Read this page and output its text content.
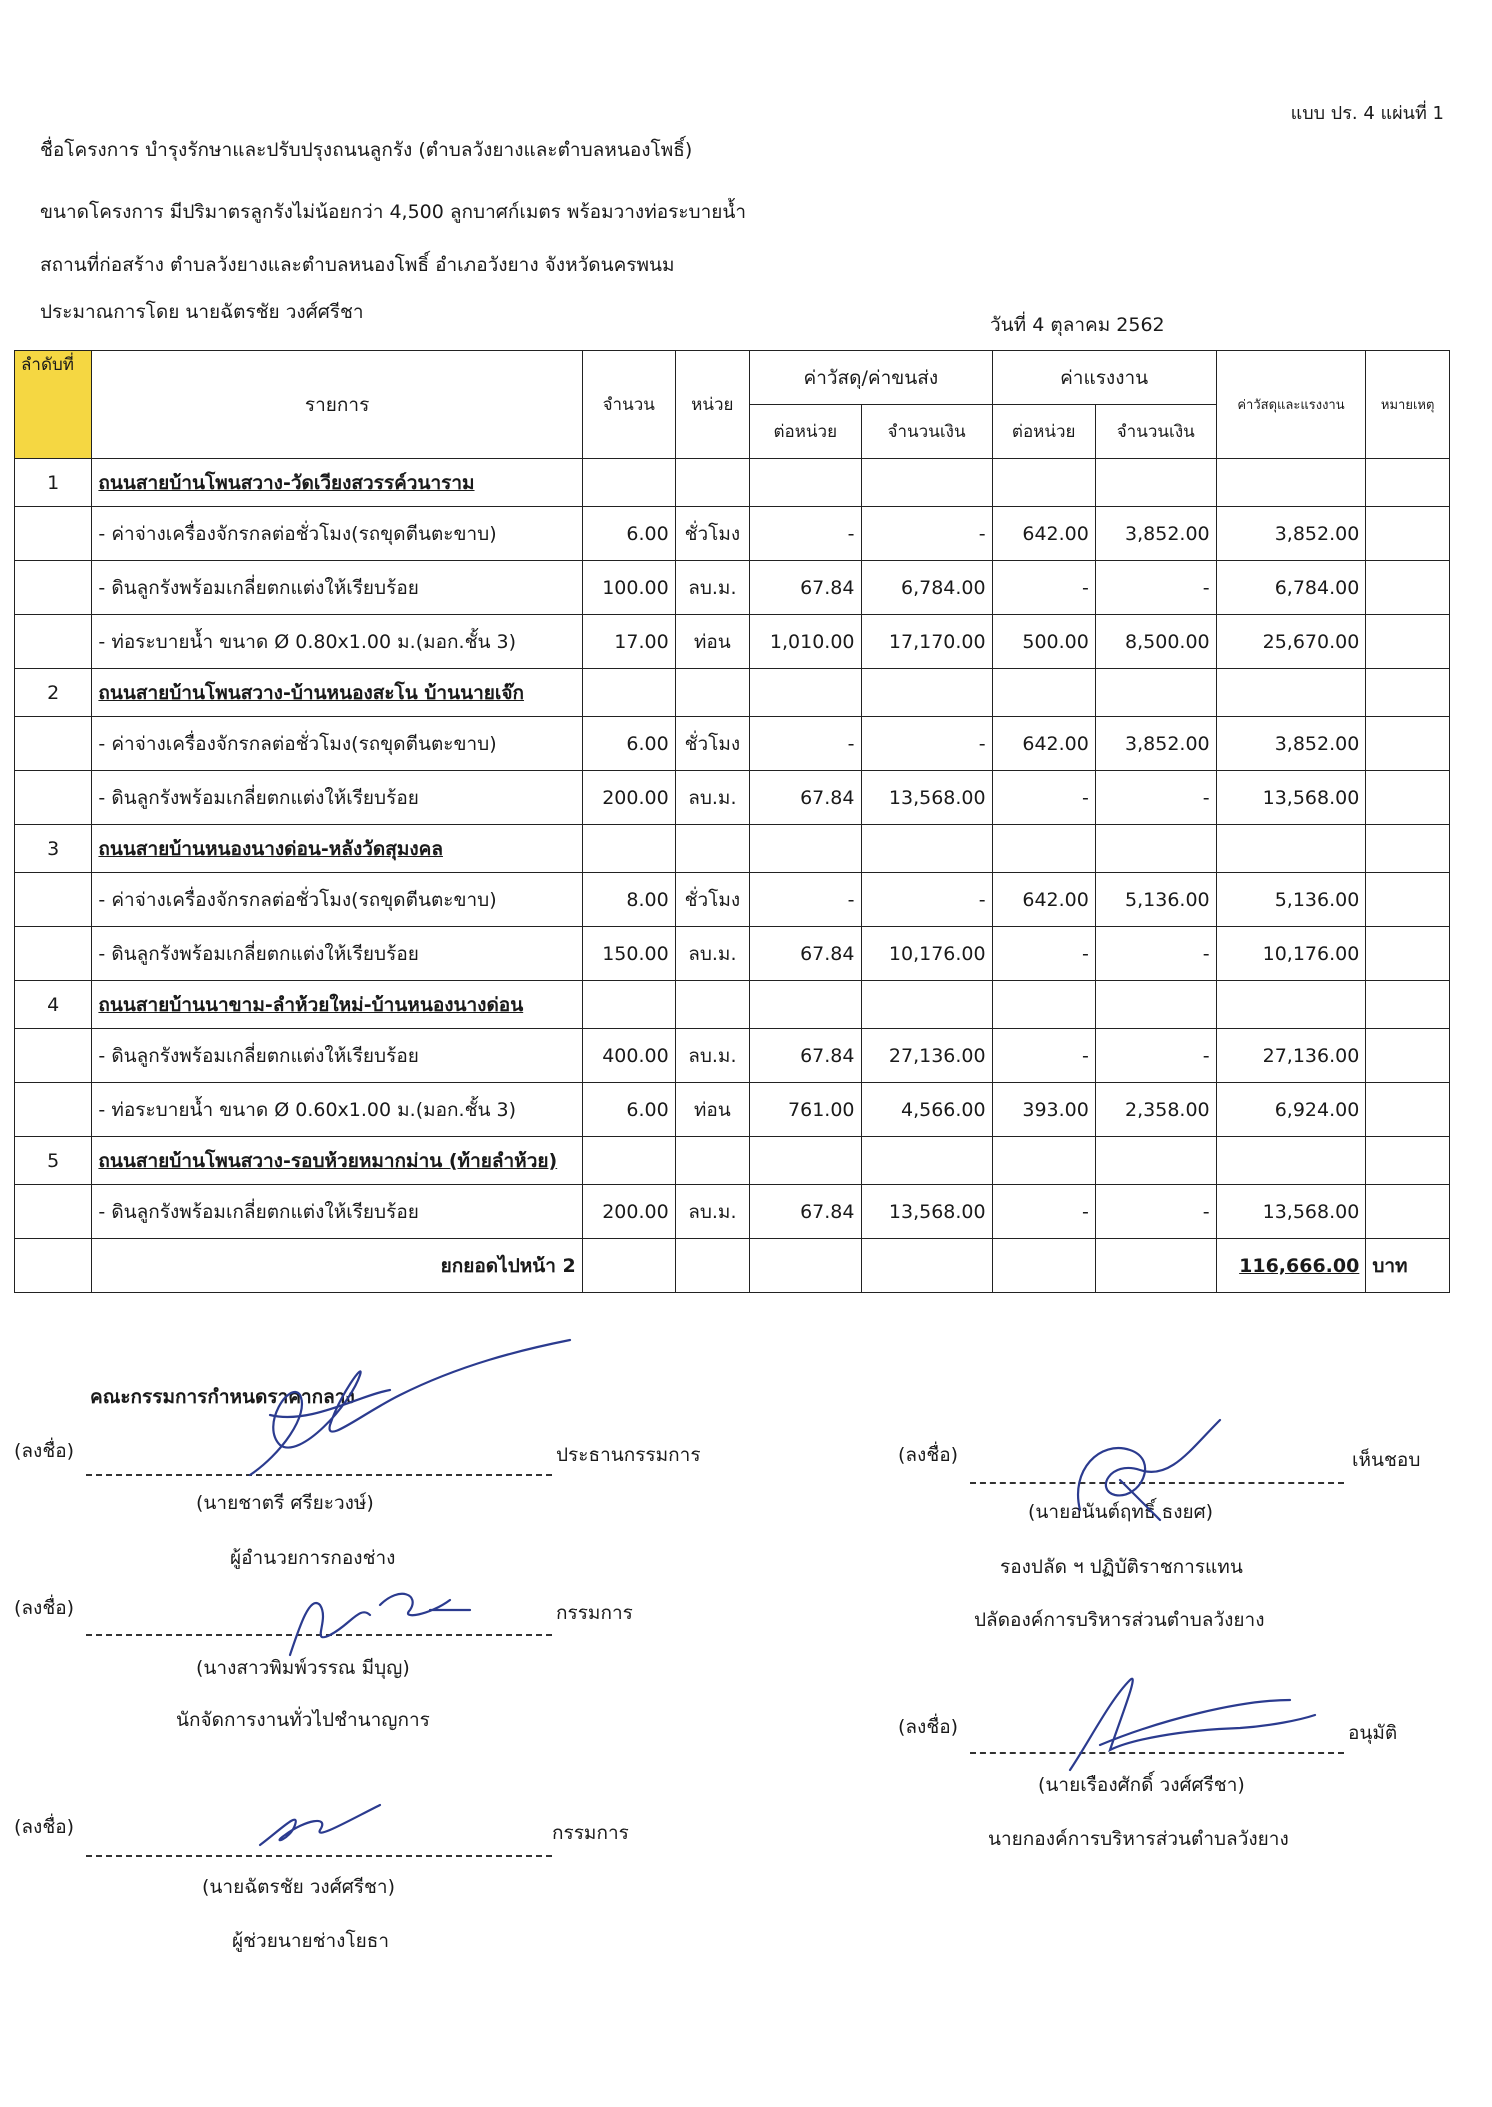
แบบ ปร. 4 แผ่นที่ 1
ชื่อโครงการ บำรุงรักษาและปรับปรุงถนนลูกรัง (ตำบลวังยางและตำบลหนองโพธิ์)
ขนาดโครงการ มีปริมาตรลูกรังไม่น้อยกว่า 4,500 ลูกบาศก์เมตร พร้อมวางท่อระบายน้ำ
สถานที่ก่อสร้าง ตำบลวังยางและตำบลหนองโพธิ์ อำเภอวังยาง จังหวัดนครพนม
ประมาณการโดย นายฉัตรชัย วงศ์ศรีชา
วันที่ 4 ตุลาคม 2562
ลำดับที่	รายการ	จำนวน	หน่วย	ค่าวัสดุ/ค่าขนส่ง		ค่าแรงงาน		ค่าวัสดุและแรงงาน	หมายเหตุ
				ต่อหน่วย	จำนวนเงิน	ต่อหน่วย	จำนวนเงิน		
1	ถนนสายบ้านโพนสวาง-วัดเวียงสวรรค์วนาราม								
	- ค่าจ่างเครื่องจักรกลต่อชั่วโมง(รถขุดตีนตะขาบ)	6.00	ชั่วโมง	-	-	642.00	3,852.00	3,852.00	
	- ดินลูกรังพร้อมเกลี่ยตกแต่งให้เรียบร้อย	100.00	ลบ.ม.	67.84	6,784.00	-	-	6,784.00	
	- ท่อระบายน้ำ ขนาด Ø 0.80x1.00 ม.(มอก.ชั้น 3)	17.00	ท่อน	1,010.00	17,170.00	500.00	8,500.00	25,670.00	
2	ถนนสายบ้านโพนสวาง-บ้านหนองสะโน บ้านนายเจ๊ก								
	- ค่าจ่างเครื่องจักรกลต่อชั่วโมง(รถขุดตีนตะขาบ)	6.00	ชั่วโมง	-	-	642.00	3,852.00	3,852.00	
	- ดินลูกรังพร้อมเกลี่ยตกแต่งให้เรียบร้อย	200.00	ลบ.ม.	67.84	13,568.00	-	-	13,568.00	
3	ถนนสายบ้านหนองนางด่อน-หลังวัดสุมงคล								
	- ค่าจ่างเครื่องจักรกลต่อชั่วโมง(รถขุดตีนตะขาบ)	8.00	ชั่วโมง	-	-	642.00	5,136.00	5,136.00	
	- ดินลูกรังพร้อมเกลี่ยตกแต่งให้เรียบร้อย	150.00	ลบ.ม.	67.84	10,176.00	-	-	10,176.00	
4	ถนนสายบ้านนาขาม-ลำห้วยใหม่-บ้านหนองนางด่อน								
	- ดินลูกรังพร้อมเกลี่ยตกแต่งให้เรียบร้อย	400.00	ลบ.ม.	67.84	27,136.00	-	-	27,136.00	
	- ท่อระบายน้ำ ขนาด Ø 0.60x1.00 ม.(มอก.ชั้น 3)	6.00	ท่อน	761.00	4,566.00	393.00	2,358.00	6,924.00	
5	ถนนสายบ้านโพนสวาง-รอบห้วยหมากม่าน (ท้ายลำห้วย)								
	- ดินลูกรังพร้อมเกลี่ยตกแต่งให้เรียบร้อย	200.00	ลบ.ม.	67.84	13,568.00	-	-	13,568.00	
	ยกยอดไปหน้า 2							116,666.00	บาท
คณะกรรมการกำหนดราคากลาง
(ลงชื่อ)	ประธานกรรมการ
(นายชาตรี ศรียะวงษ์)
ผู้อำนวยการกองช่าง
(ลงชื่อ)	กรรมการ
(นางสาวพิมพ์วรรณ มีบุญ)
นักจัดการงานทั่วไปชำนาญการ
(ลงชื่อ)	กรรมการ
(นายฉัตรชัย วงศ์ศรีชา)
ผู้ช่วยนายช่างโยธา
(ลงชื่อ)	เห็นชอบ
(นายอนันต์ฤทธิ์ ธงยศ)
รองปลัด ฯ ปฏิบัติราชการแทน
ปลัดองค์การบริหารส่วนตำบลวังยาง
(ลงชื่อ)	อนุมัติ
(นายเรืองศักดิ์ วงศ์ศรีชา)
นายกองค์การบริหารส่วนตำบลวังยาง
